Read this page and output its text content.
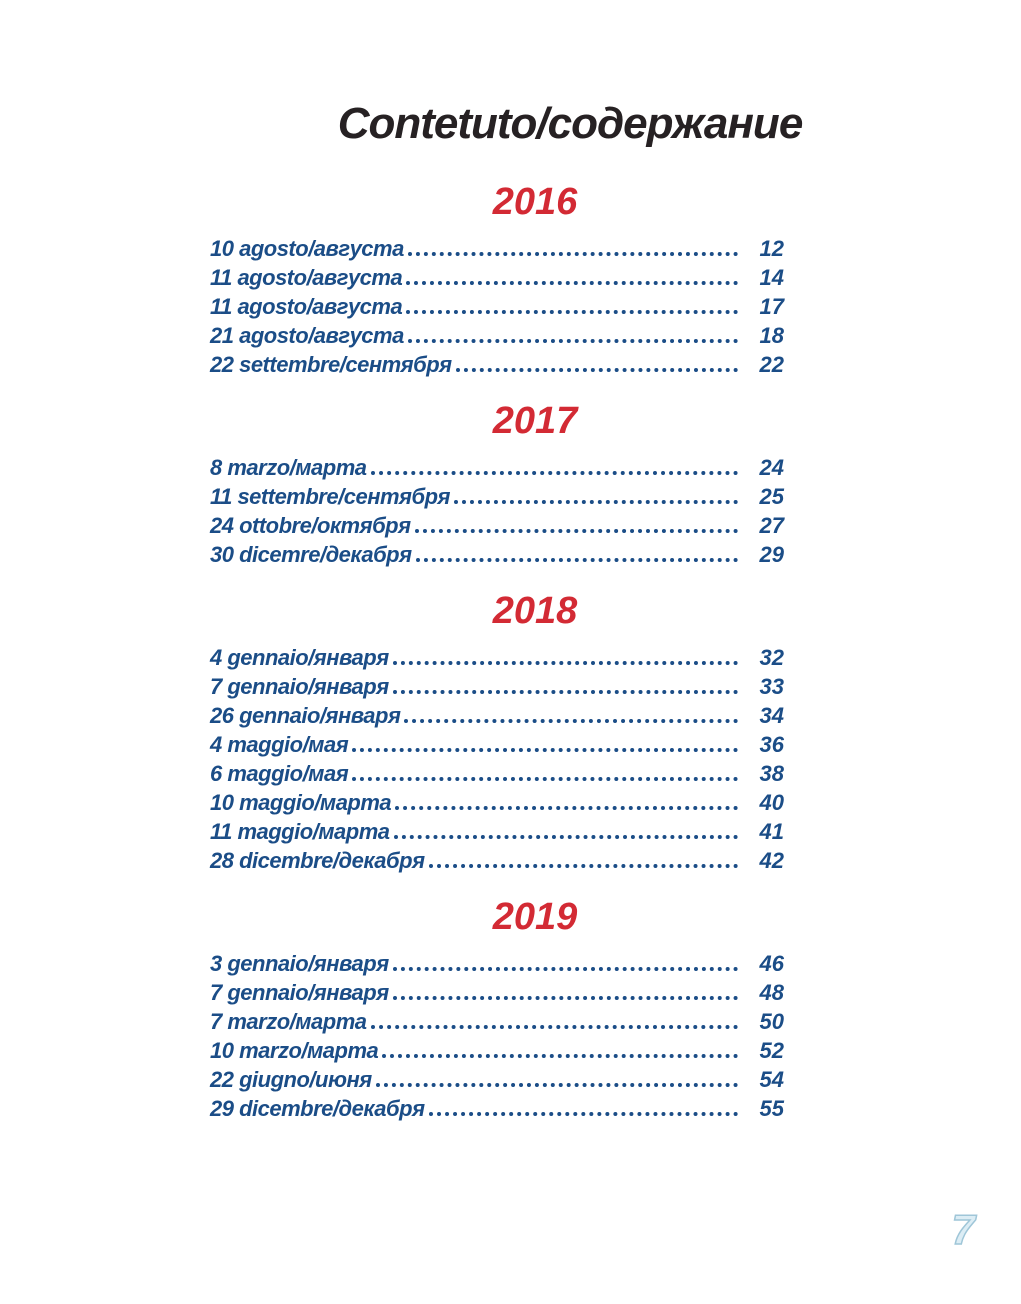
Contetuto/содержание
2016
10 agosto/августа	12
11 agosto/августа	14
11 agosto/августа	17
21 agosto/августа	18
22 settembre/сентября	22
2017
8 marzo/марта	24
11 settembre/сентября	25
24 ottobre/октября	27
30 dicemre/декабря	29
2018
4 gennaio/января	32
7 gennaio/января	33
26 gennaio/января	34
4 maggio/мая	36
6 maggio/мая	38
10 maggio/марта	40
11 maggio/марта	41
28 dicembre/декабря	42
2019
3 gennaio/января	46
7 gennaio/января	48
7 marzo/марта	50
10 marzo/марта	52
22 giugno/июня	54
29 dicembre/декабря	55
7
